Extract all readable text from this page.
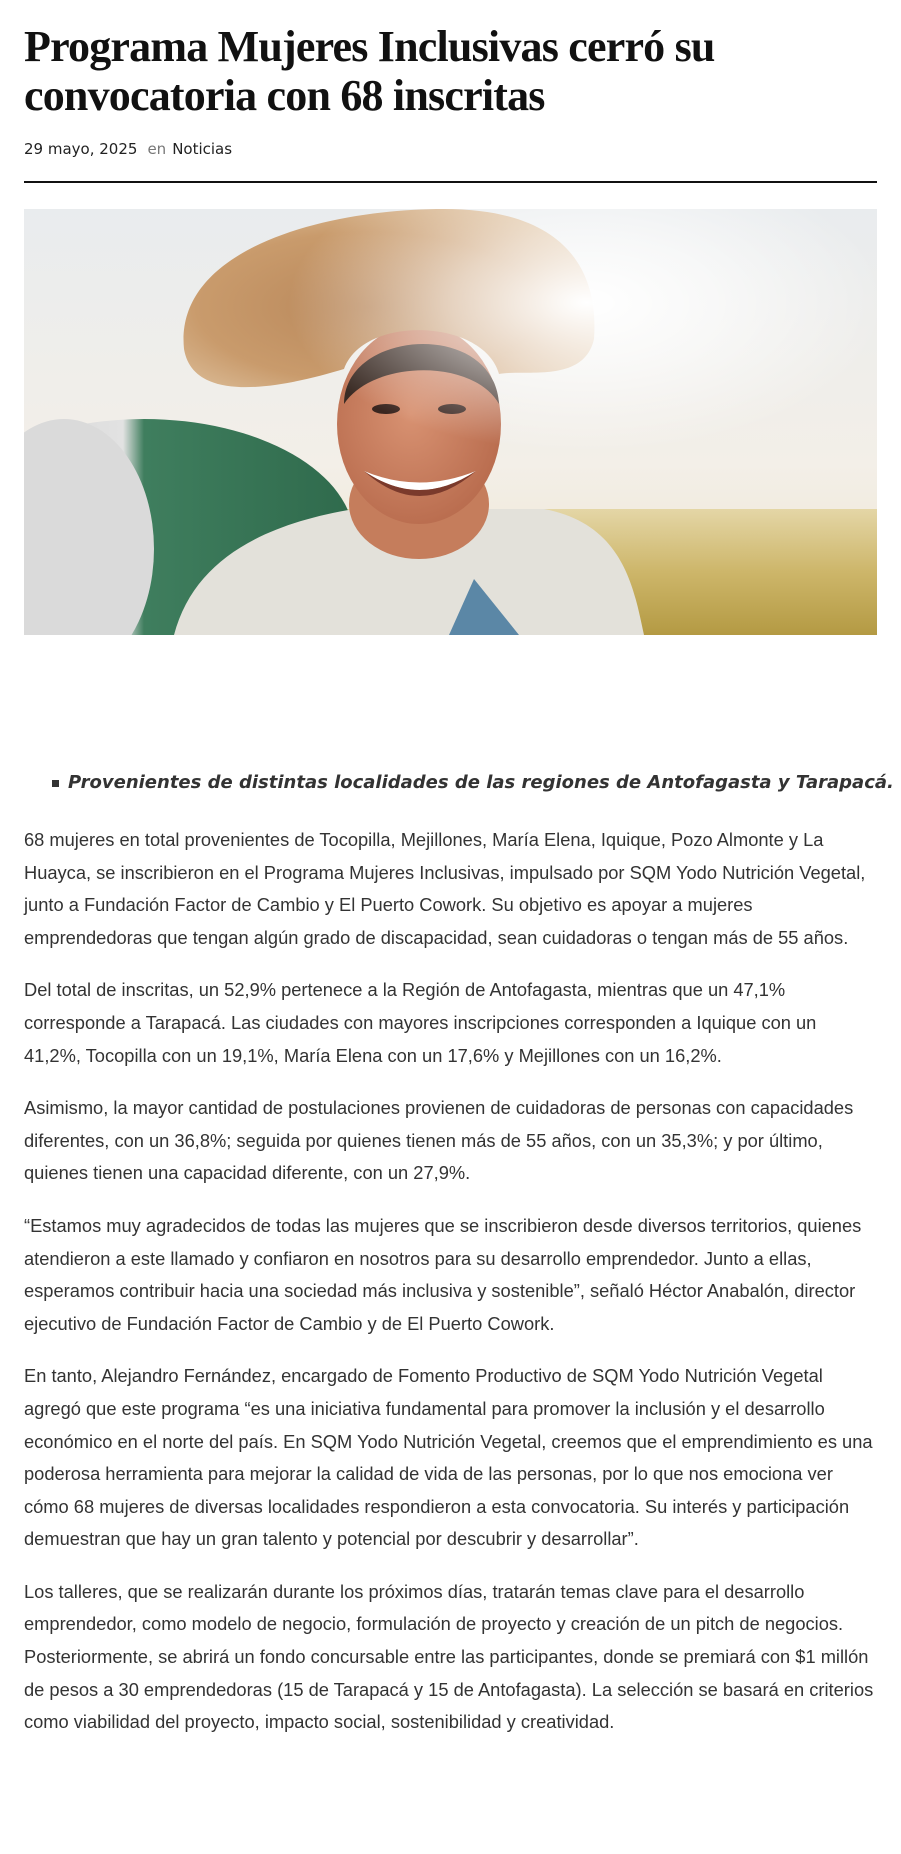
Programa Mujeres Inclusivas cerró su convocatoria con 68 inscritas
29 mayo, 2025 en Noticias
Provenientes de distintas localidades de las regiones de Antofagasta y Tarapacá.

68 mujeres en total provenientes de Tocopilla, Mejillones, María Elena, Iquique, Pozo Almonte y La Huayca, se inscribieron en el Programa Mujeres Inclusivas, impulsado por SQM Yodo Nutrición Vegetal, junto a Fundación Factor de Cambio y El Puerto Cowork. Su objetivo es apoyar a mujeres emprendedoras que tengan algún grado de discapacidad, sean cuidadoras o tengan más de 55 años.

Del total de inscritas, un 52,9% pertenece a la Región de Antofagasta, mientras que un 47,1% corresponde a Tarapacá. Las ciudades con mayores inscripciones corresponden a Iquique con un 41,2%, Tocopilla con un 19,1%, María Elena con un 17,6% y Mejillones con un 16,2%.

Asimismo, la mayor cantidad de postulaciones provienen de cuidadoras de personas con capacidades diferentes, con un 36,8%; seguida por quienes tienen más de 55 años, con un 35,3%; y por último, quienes tienen una capacidad diferente, con un 27,9%.

“Estamos muy agradecidos de todas las mujeres que se inscribieron desde diversos territorios, quienes atendieron a este llamado y confiaron en nosotros para su desarrollo emprendedor. Junto a ellas, esperamos contribuir hacia una sociedad más inclusiva y sostenible”, señaló Héctor Anabalón, director ejecutivo de Fundación Factor de Cambio y de El Puerto Cowork.

En tanto, Alejandro Fernández, encargado de Fomento Productivo de SQM Yodo Nutrición Vegetal agregó que este programa “es una iniciativa fundamental para promover la inclusión y el desarrollo económico en el norte del país. En SQM Yodo Nutrición Vegetal, creemos que el emprendimiento es una poderosa herramienta para mejorar la calidad de vida de las personas, por lo que nos emociona ver cómo 68 mujeres de diversas localidades respondieron a esta convocatoria. Su interés y participación demuestran que hay un gran talento y potencial por descubrir y desarrollar”.

Los talleres, que se realizarán durante los próximos días, tratarán temas clave para el desarrollo emprendedor, como modelo de negocio, formulación de proyecto y creación de un pitch de negocios. Posteriormente, se abrirá un fondo concursable entre las participantes, donde se premiará con $1 millón de pesos a 30 emprendedoras (15 de Tarapacá y 15 de Antofagasta). La selección se basará en criterios como viabilidad del proyecto, impacto social, sostenibilidad y creatividad.
